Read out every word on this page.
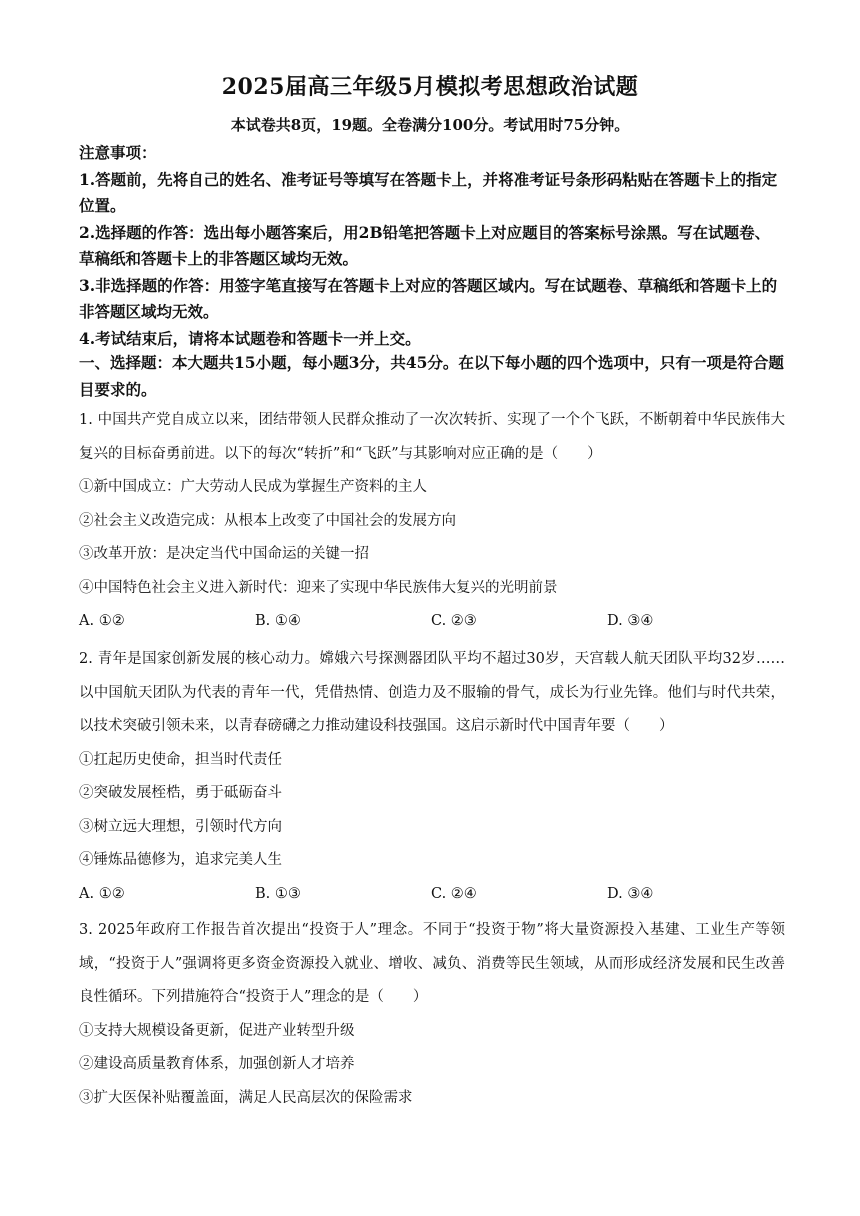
2025届高三年级5月模拟考思想政治试题
本试卷共8页，19题。全卷满分100分。考试用时75分钟。

注意事项：

1.答题前，先将自己的姓名、准考证号等填写在答题卡上，并将准考证号条形码粘贴在答题卡上的指定位置。

2.选择题的作答：选出每小题答案后，用2B铅笔把答题卡上对应题目的答案标号涂黑。写在试题卷、草稿纸和答题卡上的非答题区域均无效。

3.非选择题的作答：用签字笔直接写在答题卡上对应的答题区域内。写在试题卷、草稿纸和答题卡上的非答题区域均无效。

4.考试结束后，请将本试题卷和答题卡一并上交。

一、选择题：本大题共15小题，每小题3分，共45分。在以下每小题的四个选项中，只有一项是符合题目要求的。

1. 中国共产党自成立以来，团结带领人民群众推动了一次次转折、实现了一个个飞跃，不断朝着中华民族伟大复兴的目标奋勇前进。以下的每次“转折”和“飞跃”与其影响对应正确的是（　　）

①新中国成立：广大劳动人民成为掌握生产资料的主人

②社会主义改造完成：从根本上改变了中国社会的发展方向

③改革开放：是决定当代中国命运的关键一招

④中国特色社会主义进入新时代：迎来了实现中华民族伟大复兴的光明前景

A. ①②	B. ①④	C. ②③	D. ③④

2. 青年是国家创新发展的核心动力。嫦娥六号探测器团队平均不超过30岁，天宫载人航天团队平均32岁……以中国航天团队为代表的青年一代，凭借热情、创造力及不服输的骨气，成长为行业先锋。他们与时代共荣，以技术突破引领未来，以青春磅礴之力推动建设科技强国。这启示新时代中国青年要（　　）

①扛起历史使命，担当时代责任

②突破发展桎梏，勇于砥砺奋斗

③树立远大理想，引领时代方向

④锤炼品德修为，追求完美人生

A. ①②	B. ①③	C. ②④	D. ③④

3. 2025年政府工作报告首次提出“投资于人”理念。不同于“投资于物”将大量资源投入基建、工业生产等领域，“投资于人”强调将更多资金资源投入就业、增收、减负、消费等民生领域，从而形成经济发展和民生改善良性循环。下列措施符合“投资于人”理念的是（　　）

①支持大规模设备更新，促进产业转型升级

②建设高质量教育体系，加强创新人才培养

③扩大医保补贴覆盖面，满足人民高层次的保险需求
